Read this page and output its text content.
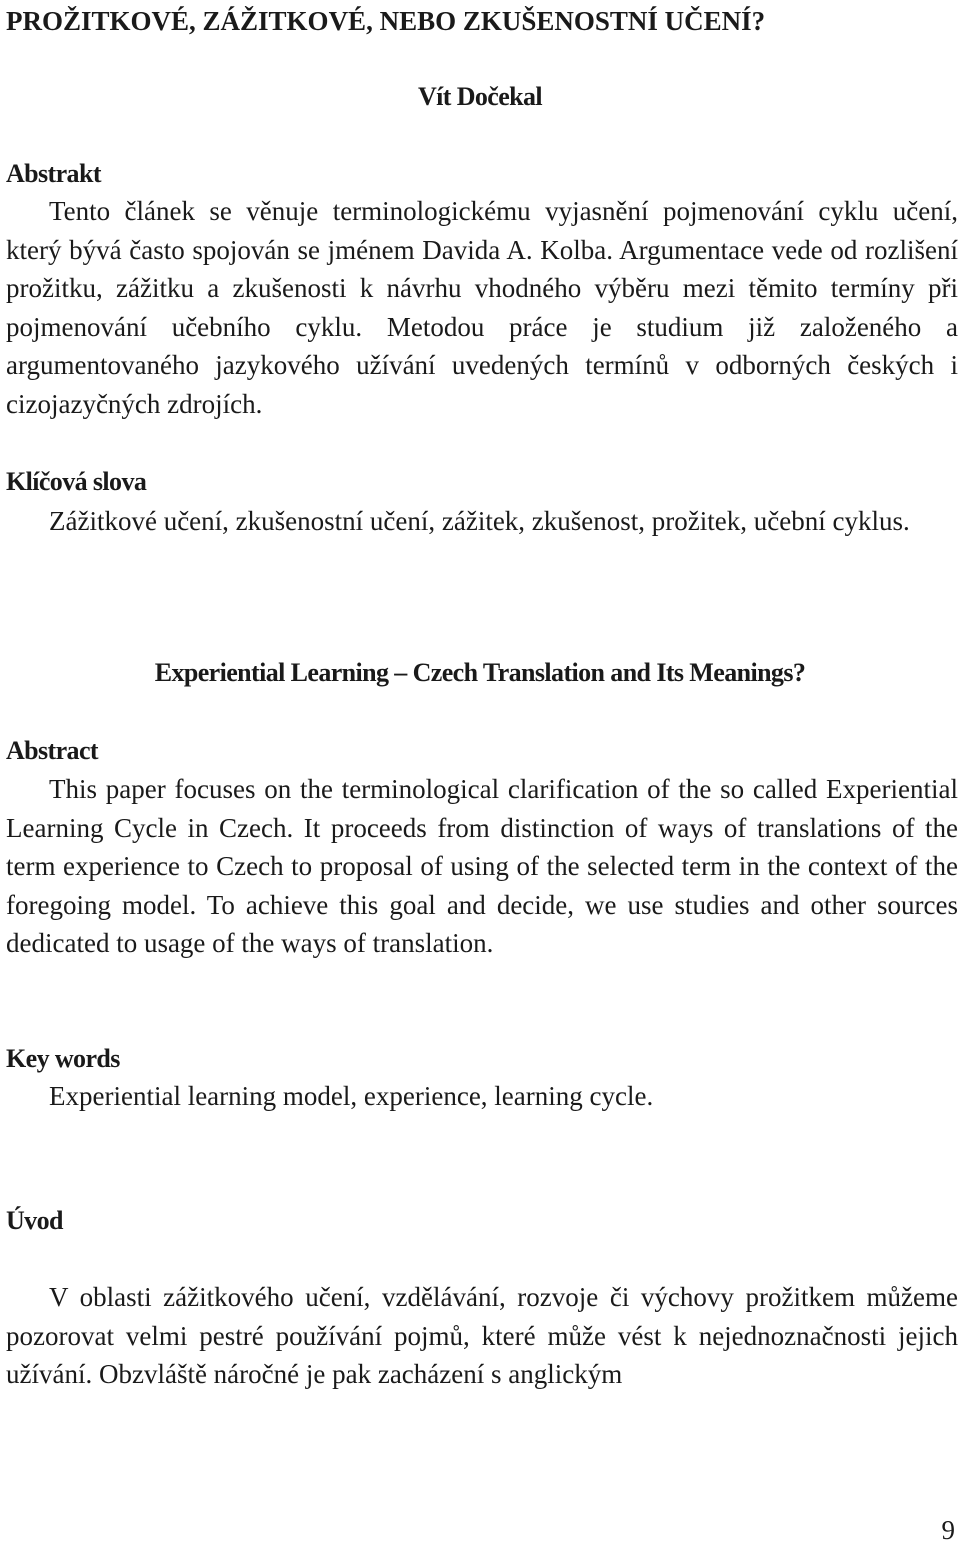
PROŽITKOVÉ, ZÁŽITKOVÉ, NEBO ZKUŠENOSTNÍ UČENÍ?
Vít Dočekal
Abstrakt

Tento článek se věnuje terminologickému vyjasnění pojmenování cyklu učení, který bývá často spojován se jménem Davida A. Kolba. Argumentace vede od rozlišení prožitku, zážitku a zkušenosti k návrhu vhodného výběru mezi těmito termíny při pojmenování učebního cyklu. Metodou práce je studium již založeného a argumentovaného jazykového užívání uvedených termínů v odborných českých i cizojazyčných zdrojích.

Klíčová slova

Zážitkové učení, zkušenostní učení, zážitek, zkušenost, prožitek, učební cyklus.

Experiential Learning – Czech Translation and Its Meanings?
Abstract

This paper focuses on the terminological clarification of the so called Experiential Learning Cycle in Czech. It proceeds from distinction of ways of translations of the term experience to Czech to proposal of using of the selected term in the context of the foregoing model. To achieve this goal and decide, we use studies and other sources dedicated to usage of the ways of translation.

Key words

Experiential learning model, experience, learning cycle.

Úvod

V oblasti zážitkového učení, vzdělávání, rozvoje či výchovy prožitkem můžeme pozorovat velmi pestré používání pojmů, které může vést k nejednoznačnosti jejich užívání. Obzvláště náročné je pak zacházení s anglickým

9
